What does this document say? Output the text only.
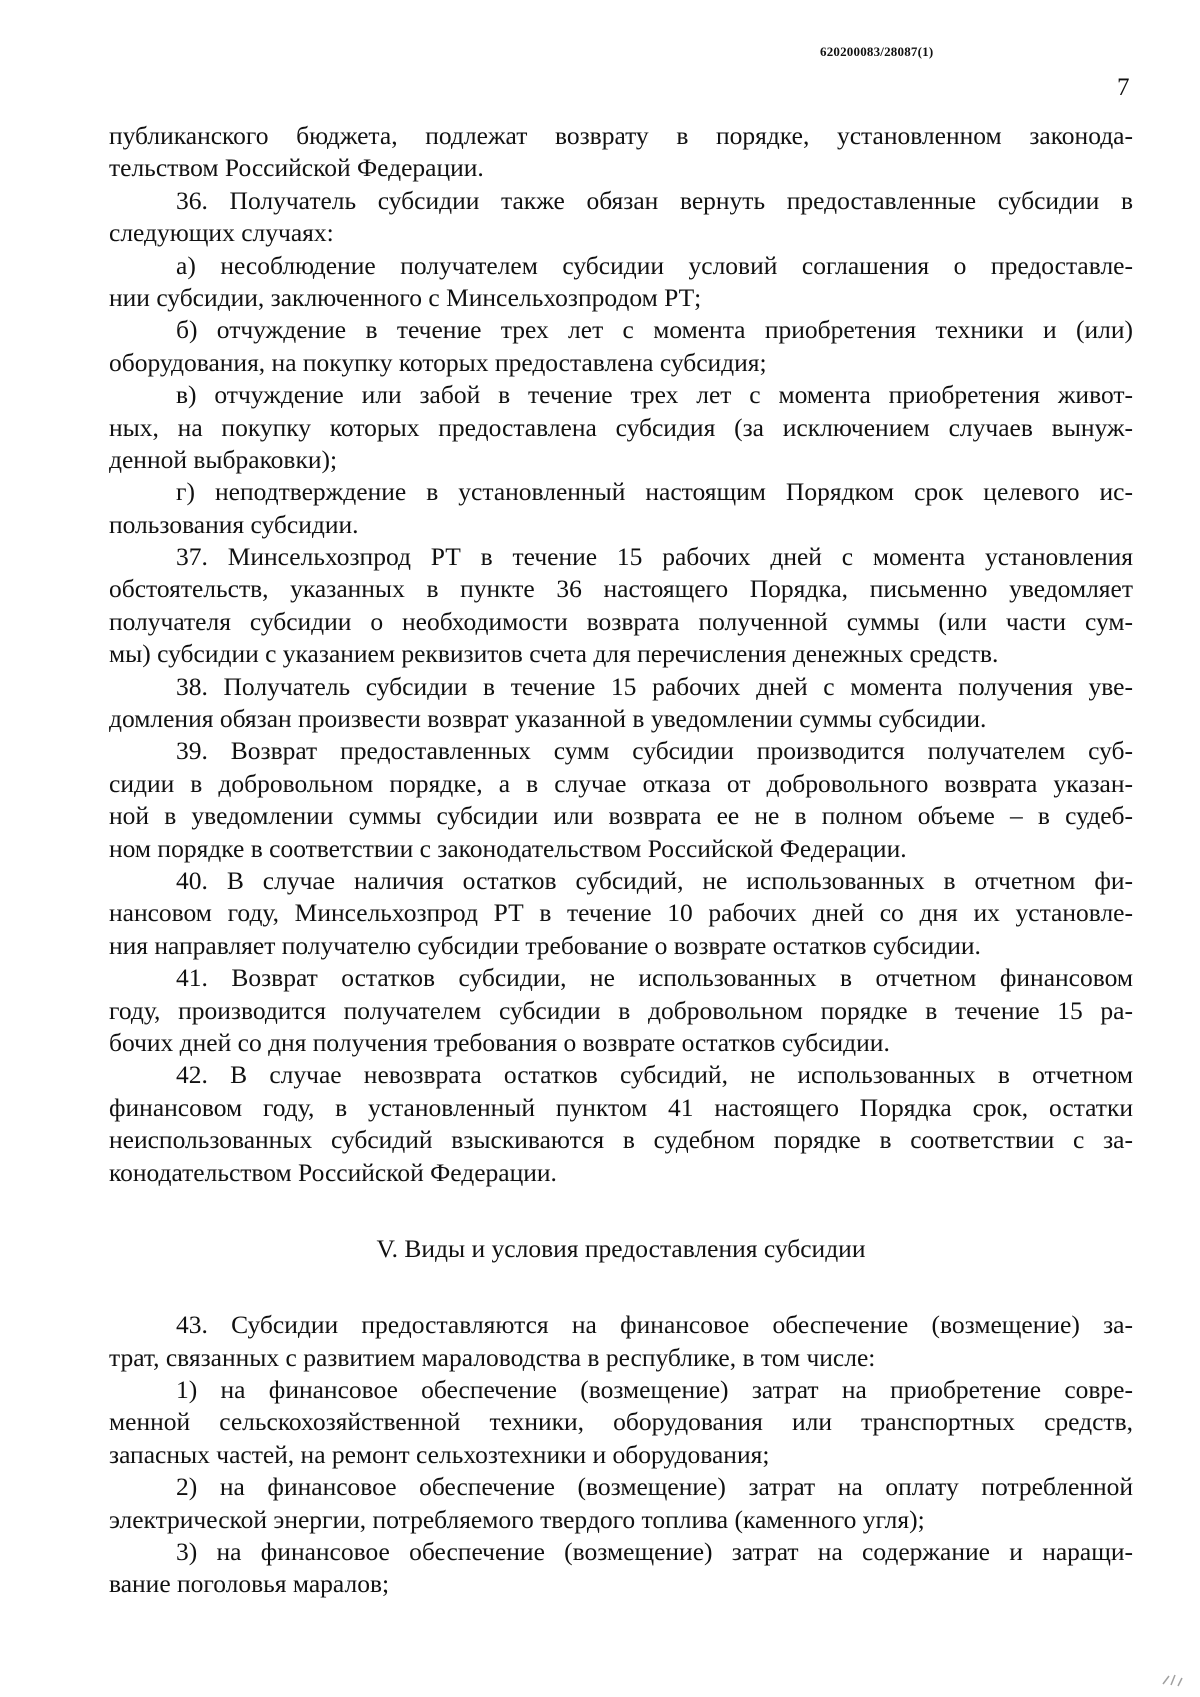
620200083/28087(1)
7
публиканского бюджета, подлежат возврату в порядке, установленном законода-
тельством Российской Федерации.
36. Получатель субсидии также обязан вернуть предоставленные субсидии в
следующих случаях:
а) несоблюдение получателем субсидии условий соглашения о предоставле-
нии субсидии, заключенного с Минсельхозпродом РТ;
б) отчуждение в течение трех лет с момента приобретения техники и (или)
оборудования, на покупку которых предоставлена субсидия;
в) отчуждение или забой в течение трех лет с момента приобретения живот-
ных, на покупку которых предоставлена субсидия (за исключением случаев вынуж-
денной выбраковки);
г) неподтверждение в установленный настоящим Порядком срок целевого ис-
пользования субсидии.
37. Минсельхозпрод РТ в течение 15 рабочих дней с момента установления
обстоятельств, указанных в пункте 36 настоящего Порядка, письменно уведомляет
получателя субсидии о необходимости возврата полученной суммы (или части сум-
мы) субсидии с указанием реквизитов счета для перечисления денежных средств.
38. Получатель субсидии в течение 15 рабочих дней с момента получения уве-
домления обязан произвести возврат указанной в уведомлении суммы субсидии.
39. Возврат предоставленных сумм субсидии производится получателем суб-
сидии в добровольном порядке, а в случае отказа от добровольного возврата указан-
ной в уведомлении суммы субсидии или возврата ее не в полном объеме – в судеб-
ном порядке в соответствии с законодательством Российской Федерации.
40. В случае наличия остатков субсидий, не использованных в отчетном фи-
нансовом году, Минсельхозпрод РТ в течение 10 рабочих дней со дня их установле-
ния направляет получателю субсидии требование о возврате остатков субсидии.
41. Возврат остатков субсидии, не использованных в отчетном финансовом
году, производится получателем субсидии в добровольном порядке в течение 15 ра-
бочих дней со дня получения требования о возврате остатков субсидии.
42. В случае невозврата остатков субсидий, не использованных в отчетном
финансовом году, в установленный пунктом 41 настоящего Порядка срок, остатки
неиспользованных субсидий взыскиваются в судебном порядке в соответствии с за-
конодательством Российской Федерации.
V. Виды и условия предоставления субсидии
43. Субсидии предоставляются на финансовое обеспечение (возмещение) за-
трат, связанных с развитием мараловодства в республике, в том числе:
1) на финансовое обеспечение (возмещение) затрат на приобретение совре-
менной сельскохозяйственной техники, оборудования или транспортных средств,
запасных частей, на ремонт сельхозтехники и оборудования;
2) на финансовое обеспечение (возмещение) затрат на оплату потребленной
электрической энергии, потребляемого твердого топлива (каменного угля);
3) на финансовое обеспечение (возмещение) затрат на содержание и наращи-
вание поголовья маралов;
